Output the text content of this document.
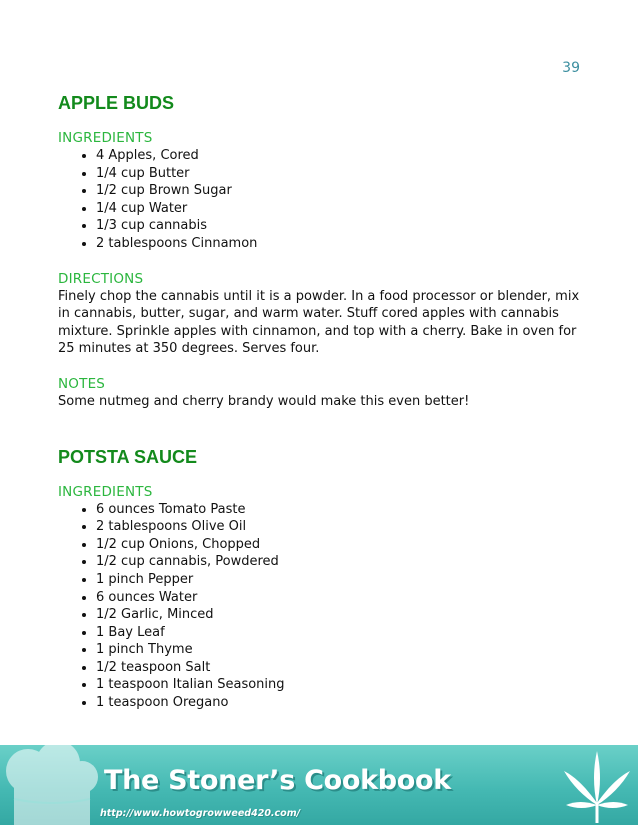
39
APPLE BUDS
INGREDIENTS
• 4 Apples, Cored
• 1/4 cup Butter
• 1/2 cup Brown Sugar
• 1/4 cup Water
• 1/3 cup cannabis
• 2 tablespoons Cinnamon
DIRECTIONS

Finely chop the cannabis until it is a powder. In a food processor or blender, mix in cannabis, butter, sugar, and warm water. Stuff cored apples with cannabis mixture. Sprinkle apples with cinnamon, and top with a cherry. Bake in oven for 25 minutes at 350 degrees. Serves four.

NOTES

Some nutmeg and cherry brandy would make this even better!

POTSTA SAUCE
INGREDIENTS
• 6 ounces Tomato Paste
• 2 tablespoons Olive Oil
• 1/2 cup Onions, Chopped
• 1/2 cup cannabis, Powdered
• 1 pinch Pepper
• 6 ounces Water
• 1/2 Garlic, Minced
• 1 Bay Leaf
• 1 pinch Thyme
• 1/2 teaspoon Salt
• 1 teaspoon Italian Seasoning
• 1 teaspoon Oregano
The Stoner’s Cookbook
http://www.howtogrowweed420.com/
